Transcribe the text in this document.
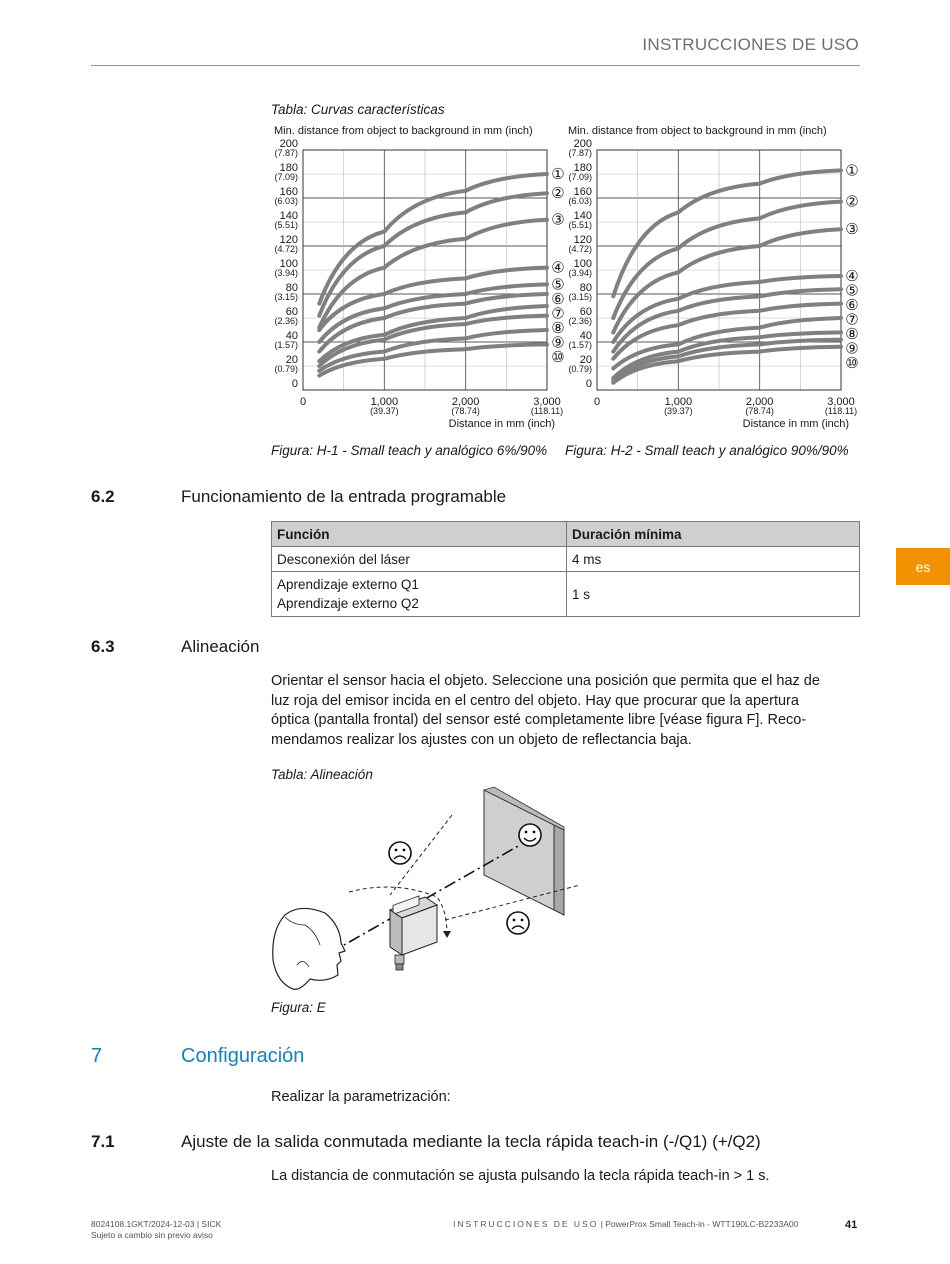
INSTRUCCIONES DE USO
es
Tabla: Curvas características
Min. distance from object to background in mm (inch)
200
(7.87)
180
(7.09)
160
(6.03)
140
(5.51)
120
(4.72)
100
(3.94)
80
(3.15)
60
(2.36)
40
(1.57)
20
(0.79)
0
0	1,000
(39.37)
2,000
(78.74)
3,000
(118.11)
Distance in mm (inch)
①
②
③
④
⑤
⑥
⑦
⑧
⑨
⑩
Min. distance from object to background in mm (inch)
200
(7.87)
180
(7.09)
160
(6.03)
140
(5.51)
120
(4.72)
100
(3.94)
80
(3.15)
60
(2.36)
40
(1.57)
20
(0.79)
0
0	1,000
(39.37)
2,000
(78.74)
3,000
(118.11)
Distance in mm (inch)
①
②
③
④
⑤
⑥
⑦
⑧
⑨
⑩
Figura: H-1 - Small teach y analógico 6%/90% Figura: H-2 - Small teach y analógico 90%/90%
6.2	Funcionamiento de la entrada programable
Función	Duración mínima
Desconexión del láser	4 ms

Aprendizaje externo Q1
Aprendizaje externo Q2	1 s
6.3	Alineación
Orientar el sensor hacia el objeto. Seleccione una posición que permita que el haz de
luz roja del emisor incida en el centro del objeto. Hay que procurar que la apertura
óptica (pantalla frontal) del sensor esté completamente libre [véase figura F]. Reco-
mendamos realizar los ajustes con un objeto de reflectancia baja.
Tabla: Alineación
Figura: E
7	Configuración
Realizar la parametrización:
7.1	Ajuste de la salida conmutada mediante la tecla rápida teach-in (-/Q1) (+/Q2)
La distancia de conmutación se ajusta pulsando la tecla rápida teach-in > 1 s.
8024108.1GKT/2024-12-03 | SICK
Sujeto a cambio sin previo aviso
INSTRUCCIONES DE USO | PowerProx Small Teach-in - WTT190LC-B2233A00	41
